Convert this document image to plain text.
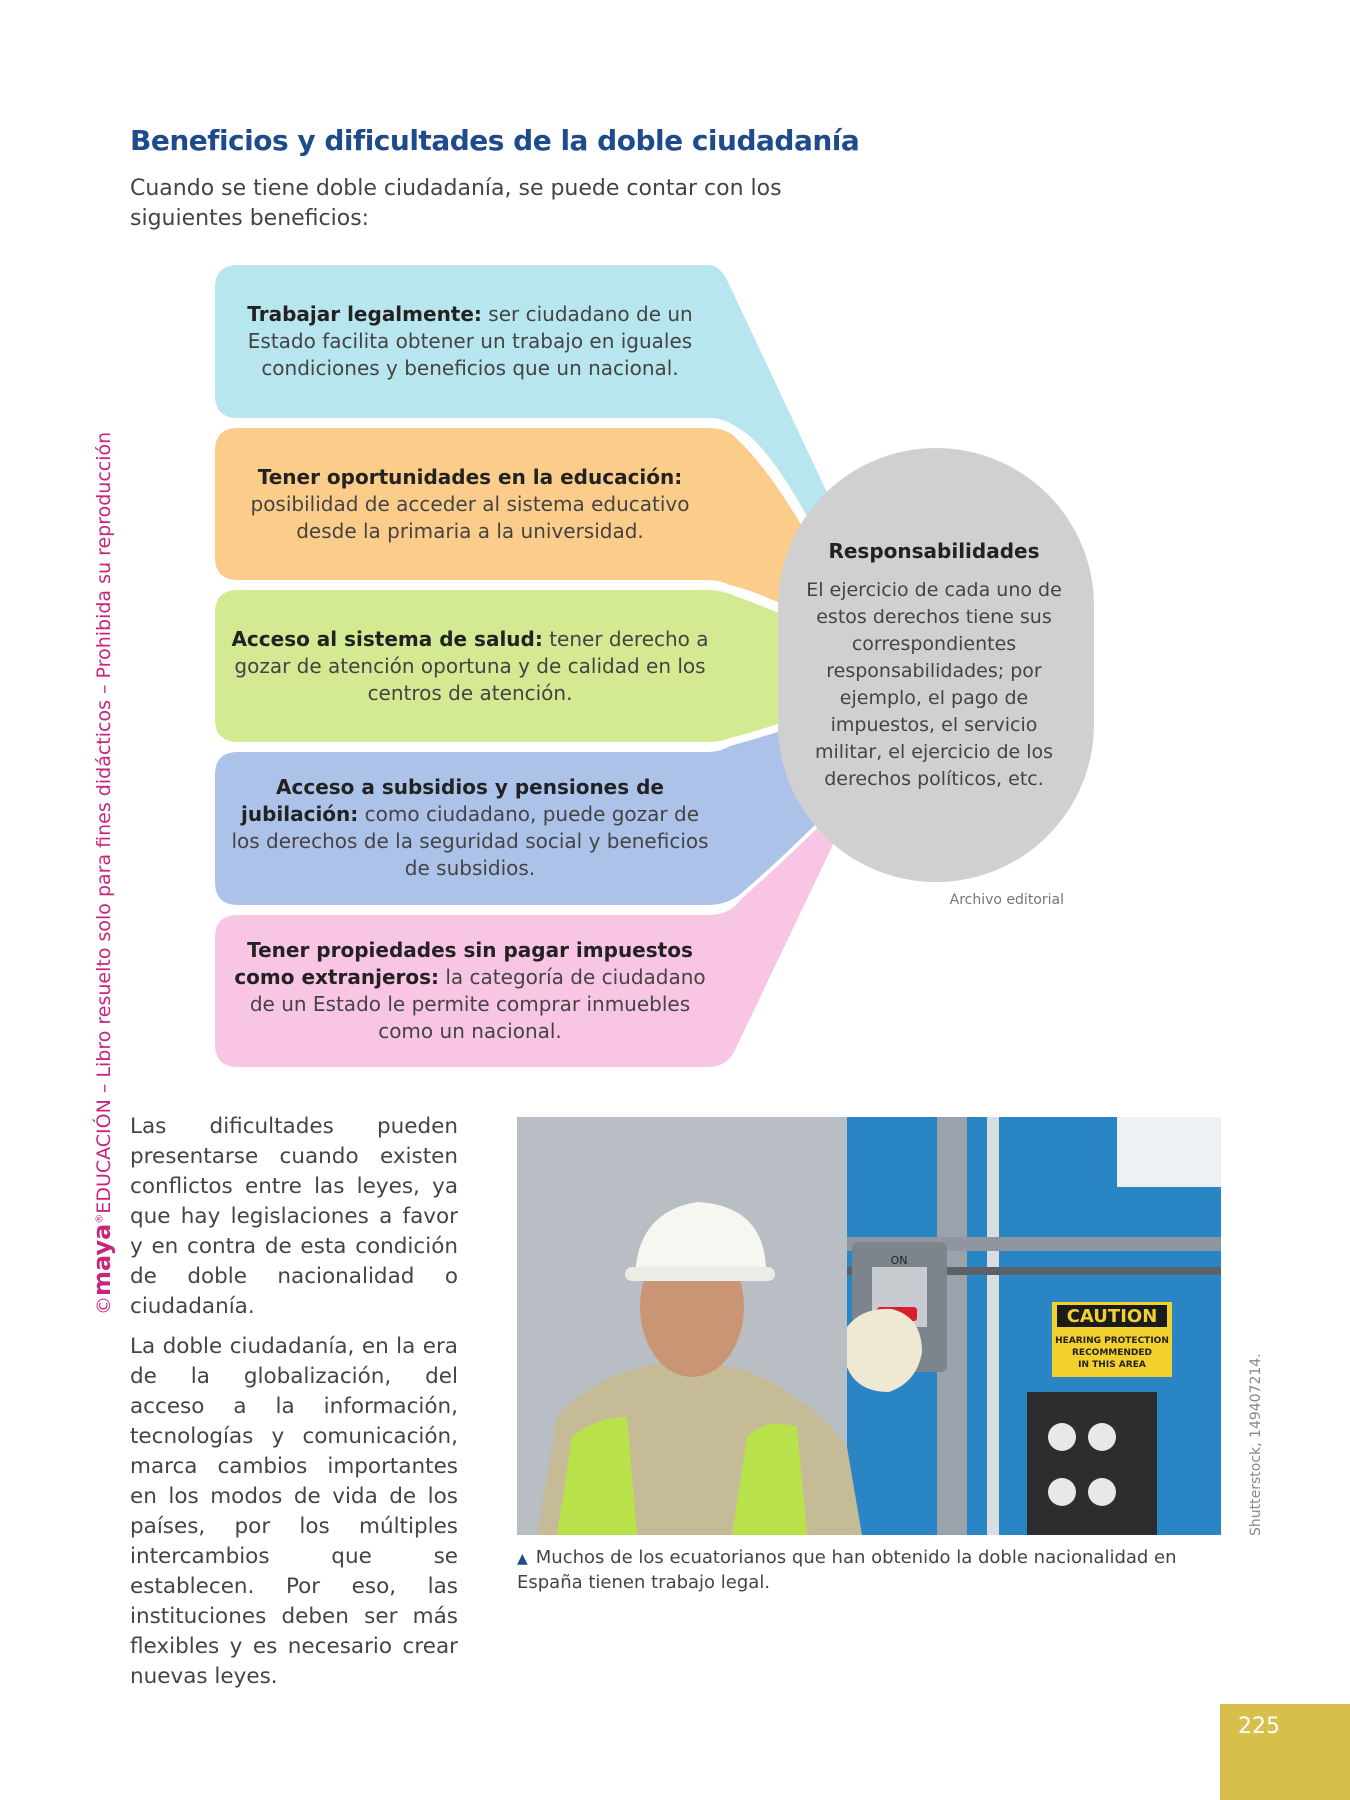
Beneficios y dificultades de la doble ciudadanía

Cuando se tiene doble ciudadanía, se puede contar con los siguientes beneficios:

©maya®EDUCACIÓN – Libro resuelto solo para fines didácticos – Prohibida su reproducción
Trabajar legalmente: ser ciudadano de un Estado facilita obtener un trabajo en iguales condiciones y beneficios que un nacional.
Tener oportunidades en la educación: posibilidad de acceder al sistema educativo desde la primaria a la universidad.
Acceso al sistema de salud: tener derecho a gozar de atención oportuna y de calidad en los centros de atención.
Acceso a subsidios y pensiones de jubilación: como ciudadano, puede gozar de los derechos de la seguridad social y beneficios de subsidios.
Tener propiedades sin pagar impuestos como extranjeros: la categoría de ciudadano de un Estado le permite comprar inmuebles como un nacional.
Responsabilidades
El ejercicio de cada uno de estos derechos tiene sus correspondientes responsabilidades; por ejemplo, el pago de impuestos, el servicio militar, el ejercicio de los derechos políticos, etc.
Archivo editorial

Las dificultades pueden presentarse cuando existen conflictos entre las leyes, ya que hay legislaciones a favor y en contra de esta condición de doble nacionalidad o ciudadanía.

La doble ciudadanía, en la era de la globalización, del acceso a la información, tecnologías y comunicación, marca cambios importantes en los modos de vida de los países, por los múltiples intercambios que se establecen. Por eso, las instituciones deben ser más flexibles y es necesario crear nuevas leyes.

ON
CAUTION
HEARING PROTECTION
RECOMMENDED
IN THIS AREA	Shutterstock, 149407214.
▲ Muchos de los ecuatorianos que han obtenido la doble nacionalidad en España tienen trabajo legal.
225
